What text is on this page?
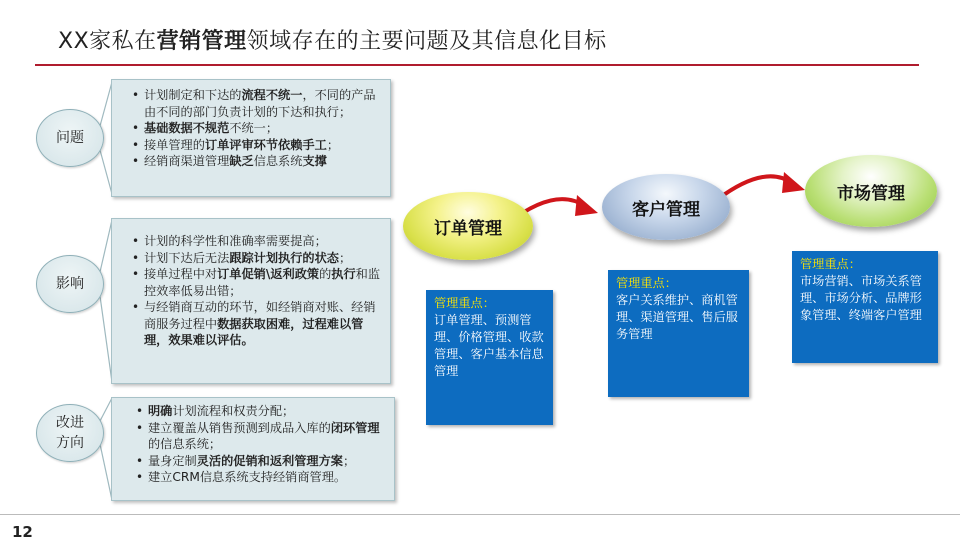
XX家私在营销管理领域存在的主要问题及其信息化目标
问题
影响
改进
方向
• 计划制定和下达的流程不统一，不同的产品由不同的部门负责计划的下达和执行；
• 基础数据不规范不统一；
• 接单管理的订单评审环节依赖手工；
• 经销商渠道管理缺乏信息系统支撑
• 计划的科学性和准确率需要提高；
• 计划下达后无法跟踪计划执行的状态；
• 接单过程中对订单促销\返利政策的执行和监控效率低易出错；
• 与经销商互动的环节，如经销商对账、经销商服务过程中数据获取困难，过程难以管理，效果难以评估。
• 明确计划流程和权责分配；
• 建立覆盖从销售预测到成品入库的闭环管理的信息系统；
• 量身定制灵活的促销和返利管理方案；
• 建立CRM信息系统支持经销商管理。
订单管理
客户管理
市场管理
管理重点：
订单管理、预测管理、价格管理、收款管理、客户基本信息管理
管理重点：
客户关系维护、商机管理、渠道管理、售后服务管理
管理重点：
市场营销、市场关系管理、市场分析、品牌形象管理、终端客户管理
12
